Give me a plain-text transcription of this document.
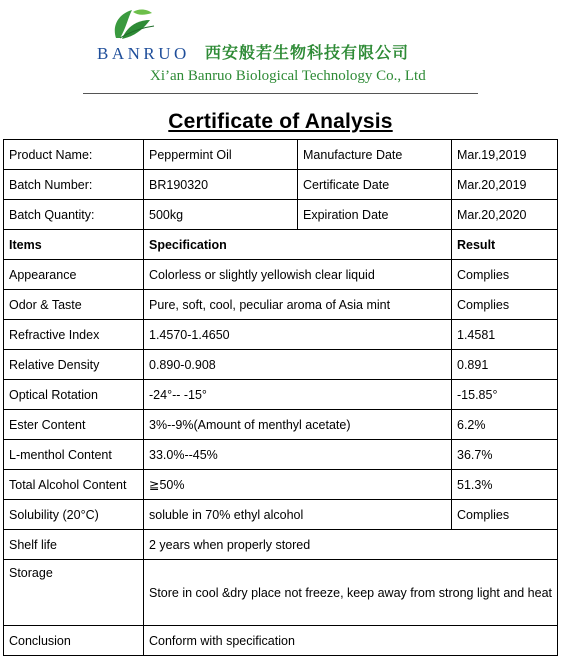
BANRUO 西安般若生物科技有限公司
Xi’an Banruo Biological Technology Co., Ltd
Certificate of Analysis
Product Name:	Peppermint Oil	Manufacture Date	Mar.19,2019
Batch Number:	BR190320	Certificate Date	Mar.20,2019
Batch Quantity:	500kg	Expiration Date	Mar.20,2020
Items	Specification		Result
Appearance	Colorless or slightly yellowish clear liquid		Complies
Odor & Taste	Pure, soft, cool, peculiar aroma of Asia mint		Complies
Refractive Index	1.4570-1.4650		1.4581
Relative Density	0.890-0.908		0.891
Optical Rotation	-24°-- -15°		-15.85°
Ester Content	3%--9%(Amount of menthyl acetate)		6.2%
L-menthol Content	33.0%--45%		36.7%
Total Alcohol Content	≧50%		51.3%
Solubility (20°C)	soluble in 70% ethyl alcohol		Complies
Shelf life	2 years when properly stored		
Storage	Store in cool &dry place not freeze, keep away from strong light and heat		
Conclusion	Conform with specification		
